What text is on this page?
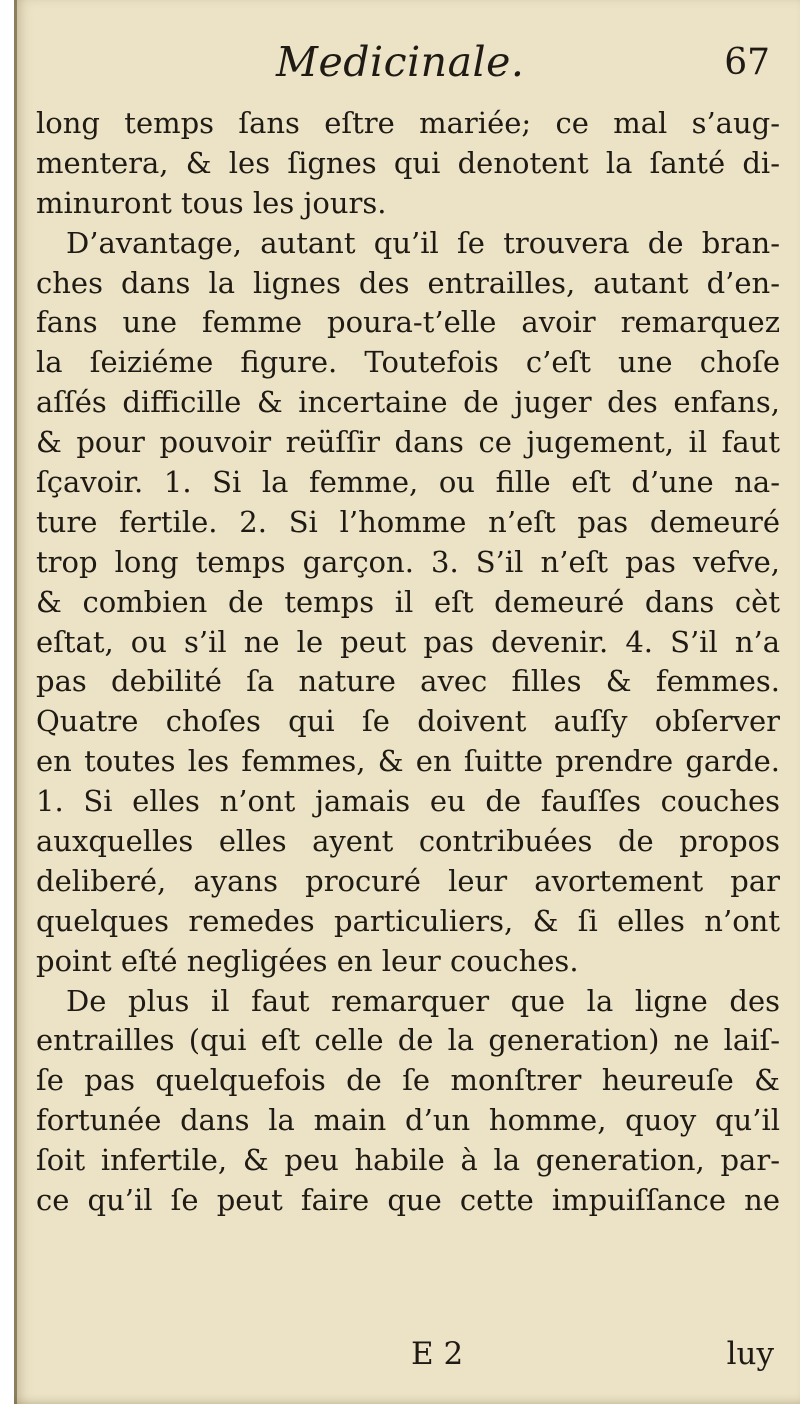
Medicinale.	67
long temps ſans eſtre mariée; ce mal s’aug-
mentera, & les ſignes qui denotent la ſanté di-
minuront tous les jours.
D’avantage, autant qu’il ſe trouvera de bran-
ches dans la lignes des entrailles, autant d’en-
fans une femme poura-t’elle avoir remarquez
la ſeiziéme figure. Toutefois c’eſt une choſe
aſſés difficille & incertaine de juger des enfans,
& pour pouvoir reüſſir dans ce jugement, il faut
ſçavoir. 1. Si la femme, ou fille eſt d’une na-
ture fertile. 2. Si l’homme n’eſt pas demeuré
trop long temps garçon. 3. S’il n’eſt pas vefve,
& combien de temps il eſt demeuré dans cèt
eſtat, ou s’il ne le peut pas devenir. 4. S’il n’a
pas debilité ſa nature avec filles & femmes.
Quatre choſes qui ſe doivent auſſy obſerver
en toutes les femmes, & en ſuitte prendre garde.
1. Si elles n’ont jamais eu de fauſſes couches
auxquelles elles ayent contribuées de propos
deliberé, ayans procuré leur avortement par
quelques remedes particuliers, & ſi elles n’ont
point eſté negligées en leur couches.
De plus il faut remarquer que la ligne des
entrailles (qui eſt celle de la generation) ne laiſ-
ſe pas quelquefois de ſe monſtrer heureuſe &
fortunée dans la main d’un homme, quoy qu’il
ſoit infertile, & peu habile à la generation, par-
ce qu’il ſe peut faire que cette impuiſſance ne
E 2	luy
